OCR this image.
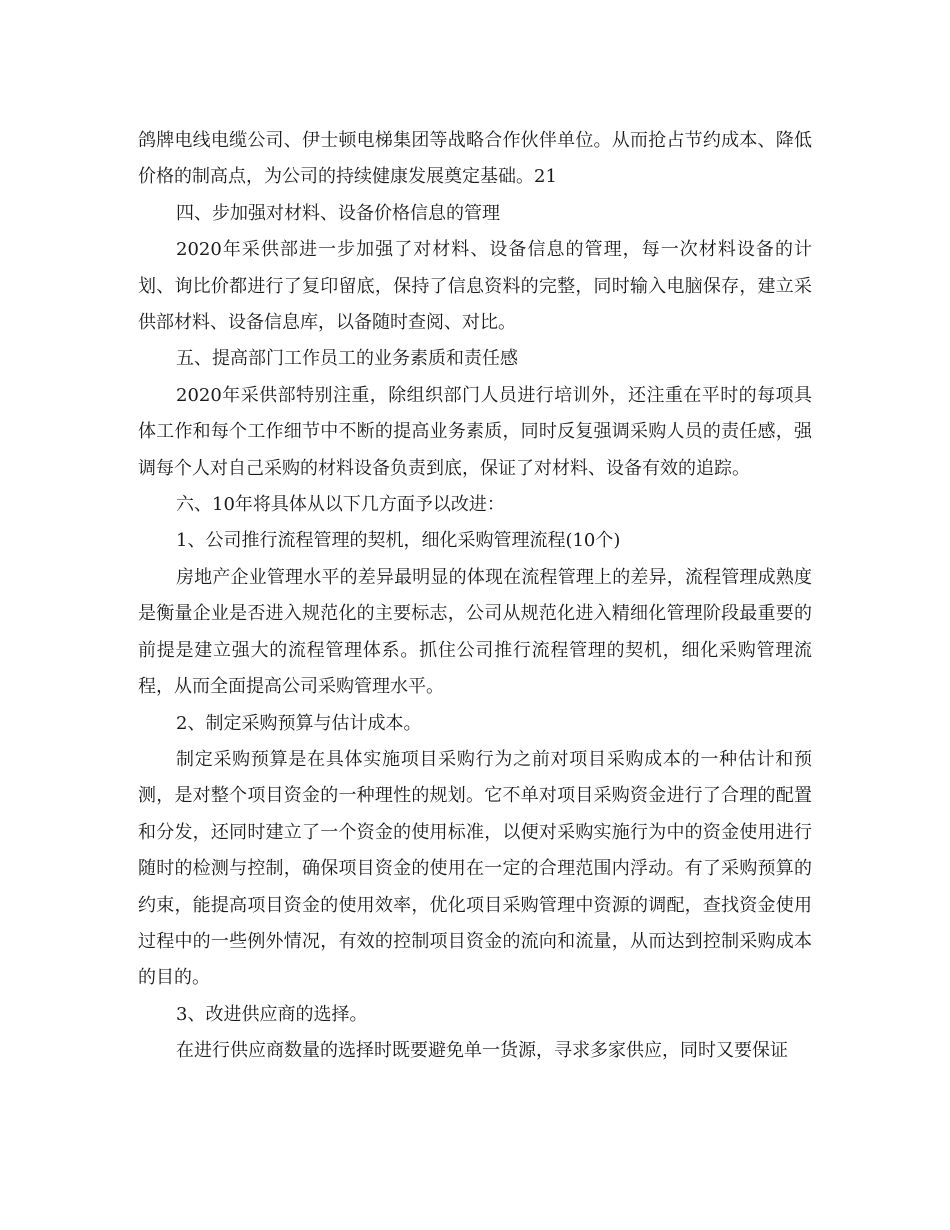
鸽牌电线电缆公司、伊士顿电梯集团等战略合作伙伴单位。从而抢占节约成本、降低价格的制高点，为公司的持续健康发展奠定基础。21

四、步加强对材料、设备价格信息的管理

2020年采供部进一步加强了对材料、设备信息的管理，每一次材料设备的计划、询比价都进行了复印留底，保持了信息资料的完整，同时输入电脑保存，建立采供部材料、设备信息库，以备随时查阅、对比。

五、提高部门工作员工的业务素质和责任感

2020年采供部特别注重，除组织部门人员进行培训外，还注重在平时的每项具体工作和每个工作细节中不断的提高业务素质，同时反复强调采购人员的责任感，强调每个人对自己采购的材料设备负责到底，保证了对材料、设备有效的追踪。

六、10年将具体从以下几方面予以改进：

1、公司推行流程管理的契机，细化采购管理流程(10个)

房地产企业管理水平的差异最明显的体现在流程管理上的差异，流程管理成熟度是衡量企业是否进入规范化的主要标志，公司从规范化进入精细化管理阶段最重要的前提是建立强大的流程管理体系。抓住公司推行流程管理的契机，细化采购管理流程，从而全面提高公司采购管理水平。

2、制定采购预算与估计成本。

制定采购预算是在具体实施项目采购行为之前对项目采购成本的一种估计和预测，是对整个项目资金的一种理性的规划。它不单对项目采购资金进行了合理的配置和分发，还同时建立了一个资金的使用标准，以便对采购实施行为中的资金使用进行随时的检测与控制，确保项目资金的使用在一定的合理范围内浮动。有了采购预算的约束，能提高项目资金的使用效率，优化项目采购管理中资源的调配，查找资金使用过程中的一些例外情况，有效的控制项目资金的流向和流量，从而达到控制采购成本的目的。

3、改进供应商的选择。

在进行供应商数量的选择时既要避免单一货源，寻求多家供应，同时又要保证
